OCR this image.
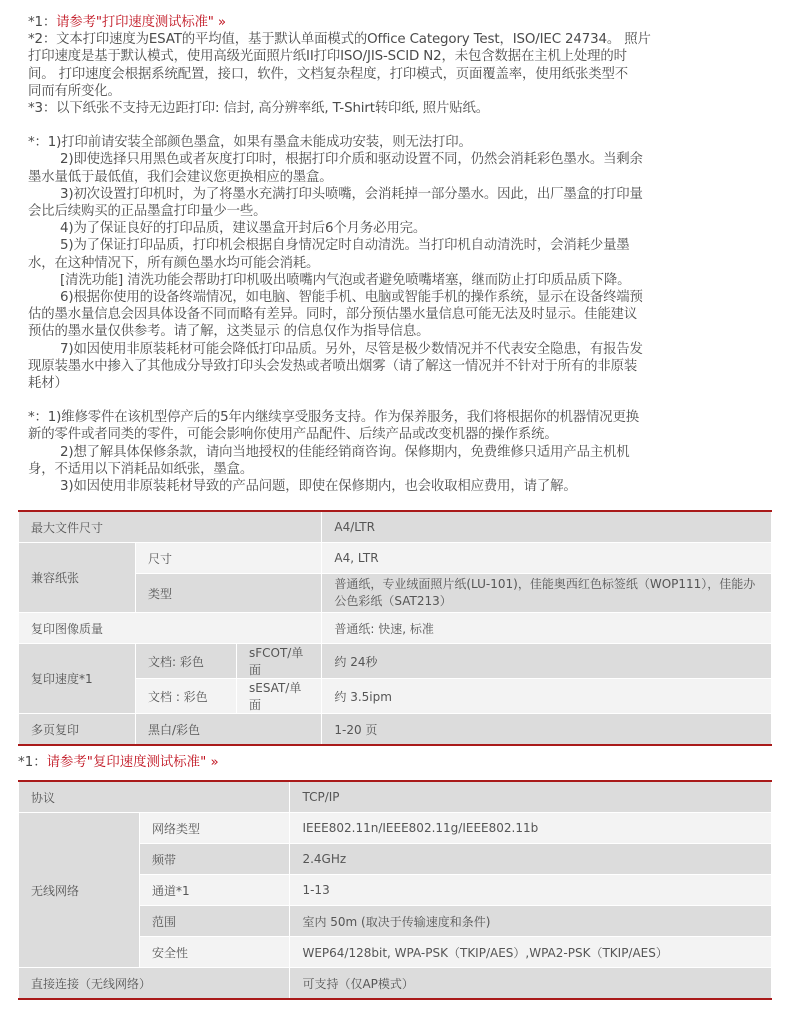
*1：请参考"打印速度测试标准" »

*2：文本打印速度为ESAT的平均值，基于默认单面模式的Office Category Test，ISO/IEC 24734。 照片

打印速度是基于默认模式，使用高级光面照片纸II打印ISO/JIS-SCID N2，未包含数据在主机上处理的时

间。 打印速度会根据系统配置，接口，软件，文档复杂程度，打印模式，页面覆盖率，使用纸张类型不

同而有所变化。

*3：以下纸张不支持无边距打印: 信封, 高分辨率纸, T-Shirt转印纸, 照片贴纸。

*：1)打印前请安装全部颜色墨盒，如果有墨盒未能成功安装，则无法打印。

2)即使选择只用黑色或者灰度打印时，根据打印介质和驱动设置不同，仍然会消耗彩色墨水。当剩余

墨水量低于最低值，我们会建议您更换相应的墨盒。

3)初次设置打印机时，为了将墨水充满打印头喷嘴，会消耗掉一部分墨水。因此，出厂墨盒的打印量

会比后续购买的正品墨盒打印量少一些。

4)为了保证良好的打印品质，建议墨盒开封后6个月务必用完。

5)为了保证打印品质，打印机会根据自身情况定时自动清洗。当打印机自动清洗时，会消耗少量墨

水，在这种情况下，所有颜色墨水均可能会消耗。

[清洗功能] 清洗功能会帮助打印机吸出喷嘴内气泡或者避免喷嘴堵塞，继而防止打印质品质下降。

6)根据你使用的设备终端情况，如电脑、智能手机、电脑或智能手机的操作系统，显示在设备终端预

估的墨水量信息会因具体设备不同而略有差异。同时，部分预估墨水量信息可能无法及时显示。佳能建议

预估的墨水量仅供参考。请了解，这类显示 的信息仅作为指导信息。

7)如因使用非原装耗材可能会降低打印品质。另外，尽管是极少数情况并不代表安全隐患，有报告发

现原装墨水中掺入了其他成分导致打印头会发热或者喷出烟雾（请了解这一情况并不针对于所有的非原装

耗材）

*：1)维修零件在该机型停产后的5年内继续享受服务支持。作为保养服务，我们将根据你的机器情况更换

新的零件或者同类的零件，可能会影响你使用产品配件、后续产品或改变机器的操作系统。

2)想了解具体保修条款，请向当地授权的佳能经销商咨询。保修期内，免费维修只适用产品主机机

身，不适用以下消耗品如纸张，墨盒。

3)如因使用非原装耗材导致的产品问题，即使在保修期内，也会收取相应费用，请了解。

最大文件尺寸			A4/LTR
兼容纸张	尺寸		A4, LTR
	类型		普通纸，专业绒面照片纸(LU-101)，佳能奥西红色标签纸（WOP111），佳能办公色彩纸（SAT213）
复印图像质量			普通纸: 快速, 标准
复印速度*1	文档: 彩色	sFCOT/单面	约 24秒
	文档 : 彩色	sESAT/单面	约 3.5ipm
多页复印	黑白/彩色		1-20 页
*1：请参考"复印速度测试标准" »
协议		TCP/IP
无线网络	网络类型	IEEE802.11n/IEEE802.11g/IEEE802.11b
	频带	2.4GHz
	通道*1	1-13
	范围	室内 50m (取决于传输速度和条件)
	安全性	WEP64/128bit, WPA-PSK（TKIP/AES）,WPA2-PSK（TKIP/AES）
直接连接（无线网络）		可支持（仅AP模式）
